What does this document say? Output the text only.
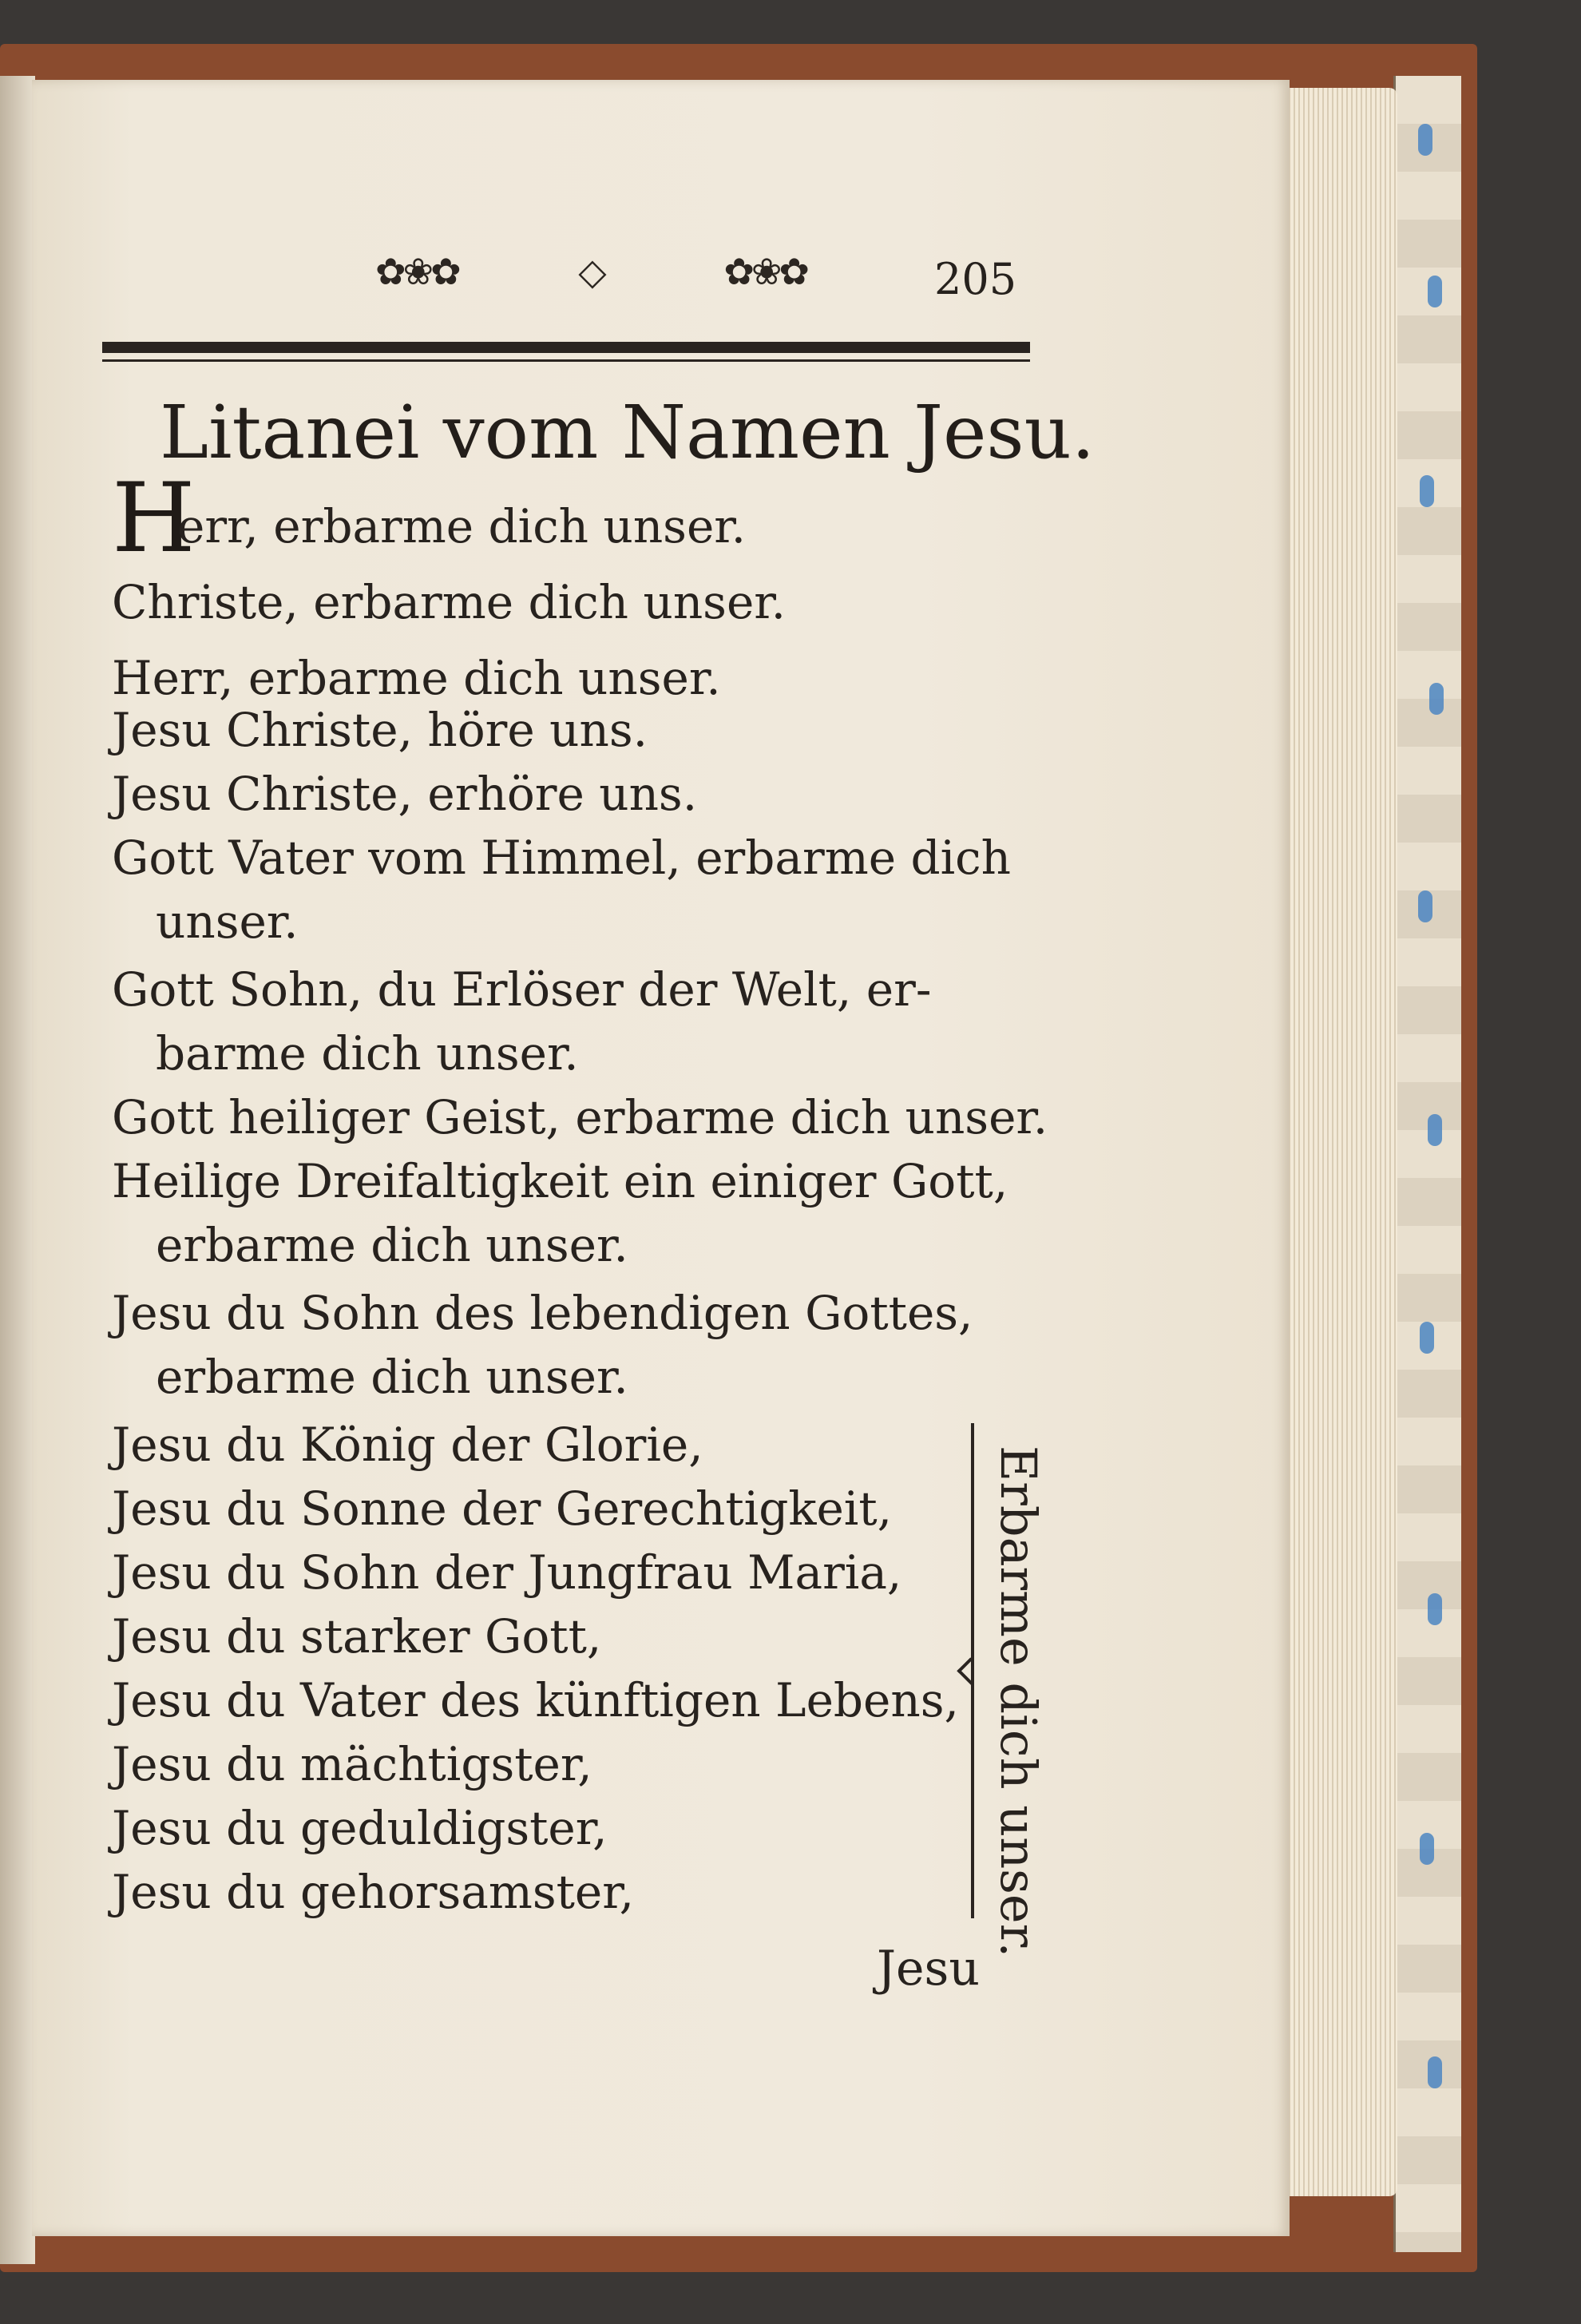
✿❀✿	◇	✿❀✿	205
Litanei vom Namen Jesu.
H
err, erbarme dich unser.
Christe, erbarme dich unser.
Herr, erbarme dich unser.
Jesu Christe, höre uns.
Jesu Christe, erhöre uns.
Gott Vater vom Himmel, erbarme dich
unser.
Gott Sohn, du Erlöser der Welt, er-
barme dich unser.
Gott heiliger Geist, erbarme dich unser.
Heilige Dreifaltigkeit ein einiger Gott,
erbarme dich unser.
Jesu du Sohn des lebendigen Gottes,
erbarme dich unser.
Jesu du König der Glorie,
Jesu du Sonne der Gerechtigkeit,
Jesu du Sohn der Jungfrau Maria,
Jesu du starker Gott,
Jesu du Vater des künftigen Lebens,
Jesu du mächtigster,
Jesu du geduldigster,
Jesu du gehorsamster,	Erbarme dich unser.
Jesu
